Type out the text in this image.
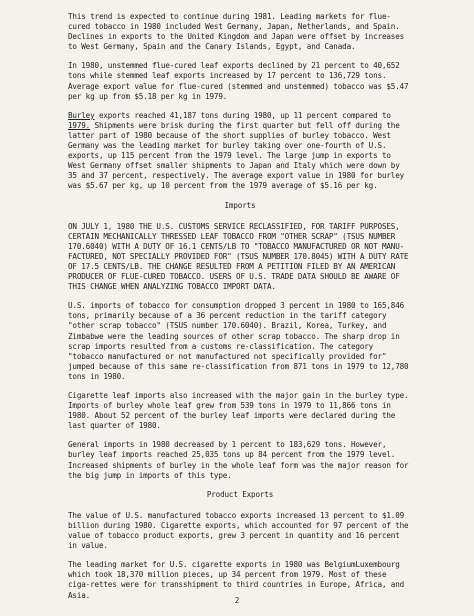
This trend is expected to continue during 1981. Leading markets for flue-cured tobacco in 1980 included West Germany, Japan, Netherlands, and Spain. Declines in exports to the United Kingdom and Japan were offset by increases to West Germany, Spain and the Canary Islands, Egypt, and Canada.

In 1980, unstemmed flue-cured leaf exports declined by 21 percent to 40,652 tons while stemmed leaf exports increased by 17 percent to 136,729 tons. Average export value for flue-cured (stemmed and unstemmed) tobacco was $5.47 per kg up from $5.18 per kg in 1979.

Burley exports reached 41,187 tons during 1980, up 11 percent compared to 1979. Shipments were brisk during the first quarter but fell off during the latter part of 1980 because of the short supplies of burley tobacco. West Germany was the leading market for burley taking over one-fourth of U.S. exports, up 115 percent from the 1979 level. The large jump in exports to West Germany offset smaller shipments to Japan and Italy which were down by 35 and 37 percent, respectively. The average export value in 1980 for burley was $5.67 per kg, up 10 percent from the 1979 average of $5.16 per kg.

Imports

ON JULY 1, 1980 THE U.S. CUSTOMS SERVICE RECLASSIFIED, FOR TARIFF PURPOSES, CERTAIN MECHANICALLY THRESSED LEAF TOBACCO FROM "OTHER SCRAP" (TSUS NUMBER 170.6040) WITH A DUTY OF 16.1 CENTS/LB TO "TOBACCO MANUFACTURED OR NOT MANU-FACTURED, NOT SPECIALLY PROVIDED FOR" (TSUS NUMBER 170.8045) WITH A DUTY RATE OF 17.5 CENTS/LB. THE CHANGE RESULTED FROM A PETITION FILED BY AN AMERICAN PRODUCER OF FLUE-CURED TOBACCO. USERS OF U.S. TRADE DATA SHOULD BE AWARE OF THIS CHANGE WHEN ANALYZING TOBACCO IMPORT DATA.

U.S. imports of tobacco for consumption dropped 3 percent in 1980 to 165,846 tons, primarily because of a 36 percent reduction in the tariff category "other scrap tobacco" (TSUS number 170.6040). Brazil, Korea, Turkey, and Zimbabwe were the leading sources of other scrap tobacco. The sharp drop in scrap imports resulted from a customs re-classification. The category "tobacco manufactured or not manufactured not specifically provided for" jumped because of this same re-classification from 871 tons in 1979 to 12,780 tons in 1980.

Cigarette leaf imports also increased with the major gain in the burley type. Imports of burley whole leaf grew from 539 tons in 1979 to 11,866 tons in 1980. About 52 percent of the burley leaf imports were declared during the last quarter of 1980.

General imports in 1980 decreased by 1 percent to 183,629 tons. However, burley leaf imports reached 25,035 tons up 84 percent from the 1979 level. Increased shipments of burley in the whole leaf form was the major reason for the big jump in imports of this type.

Product Exports

The value of U.S. manufactured tobacco exports increased 13 percent to $1.09 billion during 1980. Cigarette exports, which accounted for 97 percent of the value of tobacco product exports, grew 3 percent in quantity and 16 percent in value.

The leading market for U.S. cigarette exports in 1980 was BelgiumLuxembourg which took 18,370 million pieces, up 34 percent from 1979. Most of these ciga-rettes were for transshipment to third countries in Europe, Africa, and Asia.

2
